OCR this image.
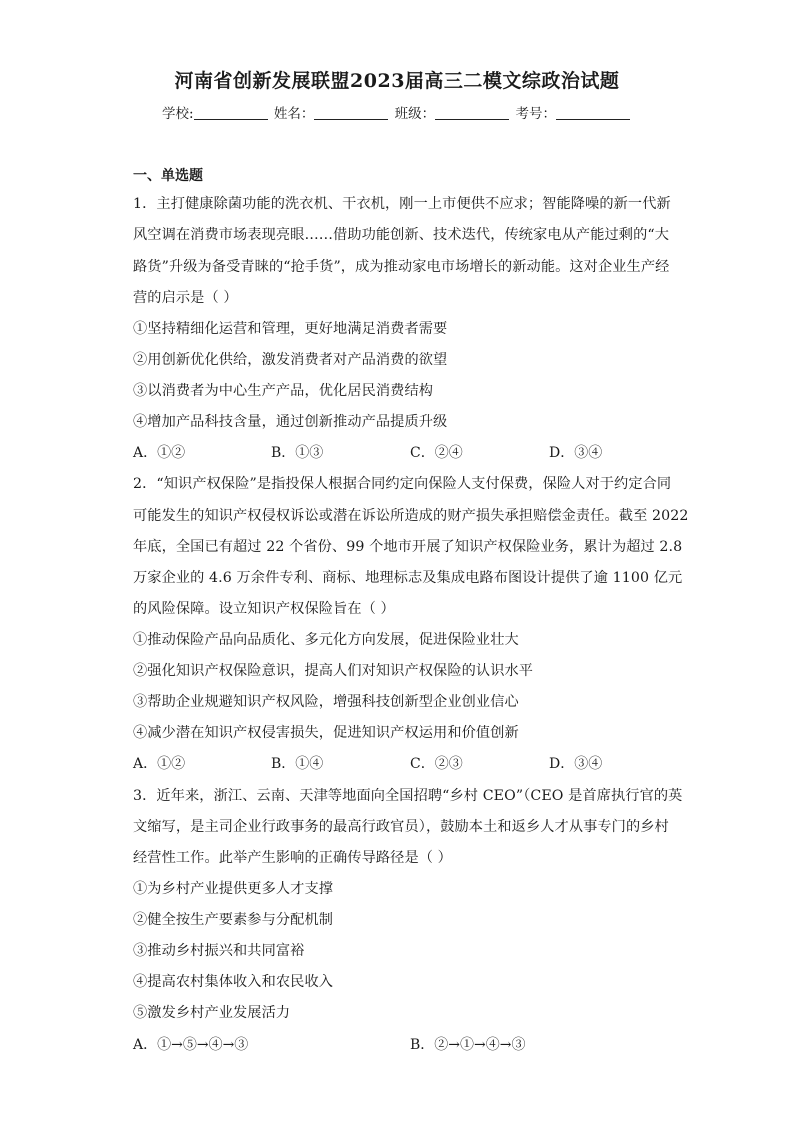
河南省创新发展联盟2023届高三二模文综政治试题
学校:	姓名：	班级：	考号：
一、单选题
1．主打健康除菌功能的洗衣机、干衣机，刚一上市便供不应求；智能降噪的新一代新
风空调在消费市场表现亮眼……借助功能创新、技术迭代，传统家电从产能过剩的“大
路货”升级为备受青睐的“抢手货”，成为推动家电市场增长的新动能。这对企业生产经
营的启示是（ ）
①坚持精细化运营和管理，更好地满足消费者需要
②用创新优化供给，激发消费者对产品消费的欲望
③以消费者为中心生产产品，优化居民消费结构
④增加产品科技含量，通过创新推动产品提质升级
A．①②	B．①③	C．②④	D．③④
2．“知识产权保险”是指投保人根据合同约定向保险人支付保费，保险人对于约定合同
可能发生的知识产权侵权诉讼或潜在诉讼所造成的财产损失承担赔偿金责任。截至 2022
年底，全国已有超过 22 个省份、99 个地市开展了知识产权保险业务，累计为超过 2.8
万家企业的 4.6 万余件专利、商标、地理标志及集成电路布图设计提供了逾 1100 亿元
的风险保障。设立知识产权保险旨在（ ）
①推动保险产品向品质化、多元化方向发展，促进保险业壮大
②强化知识产权保险意识，提高人们对知识产权保险的认识水平
③帮助企业规避知识产权风险，增强科技创新型企业创业信心
④减少潜在知识产权侵害损失，促进知识产权运用和价值创新
A．①②	B．①④	C．②③	D．③④
3．近年来，浙江、云南、天津等地面向全国招聘“乡村 CEO”（CEO 是首席执行官的英
文缩写，是主司企业行政事务的最高行政官员），鼓励本土和返乡人才从事专门的乡村
经营性工作。此举产生影响的正确传导路径是（ ）
①为乡村产业提供更多人才支撑
②健全按生产要素参与分配机制
③推动乡村振兴和共同富裕
④提高农村集体收入和农民收入
⑤激发乡村产业发展活力
A．①→⑤→④→③	B．②→①→④→③
